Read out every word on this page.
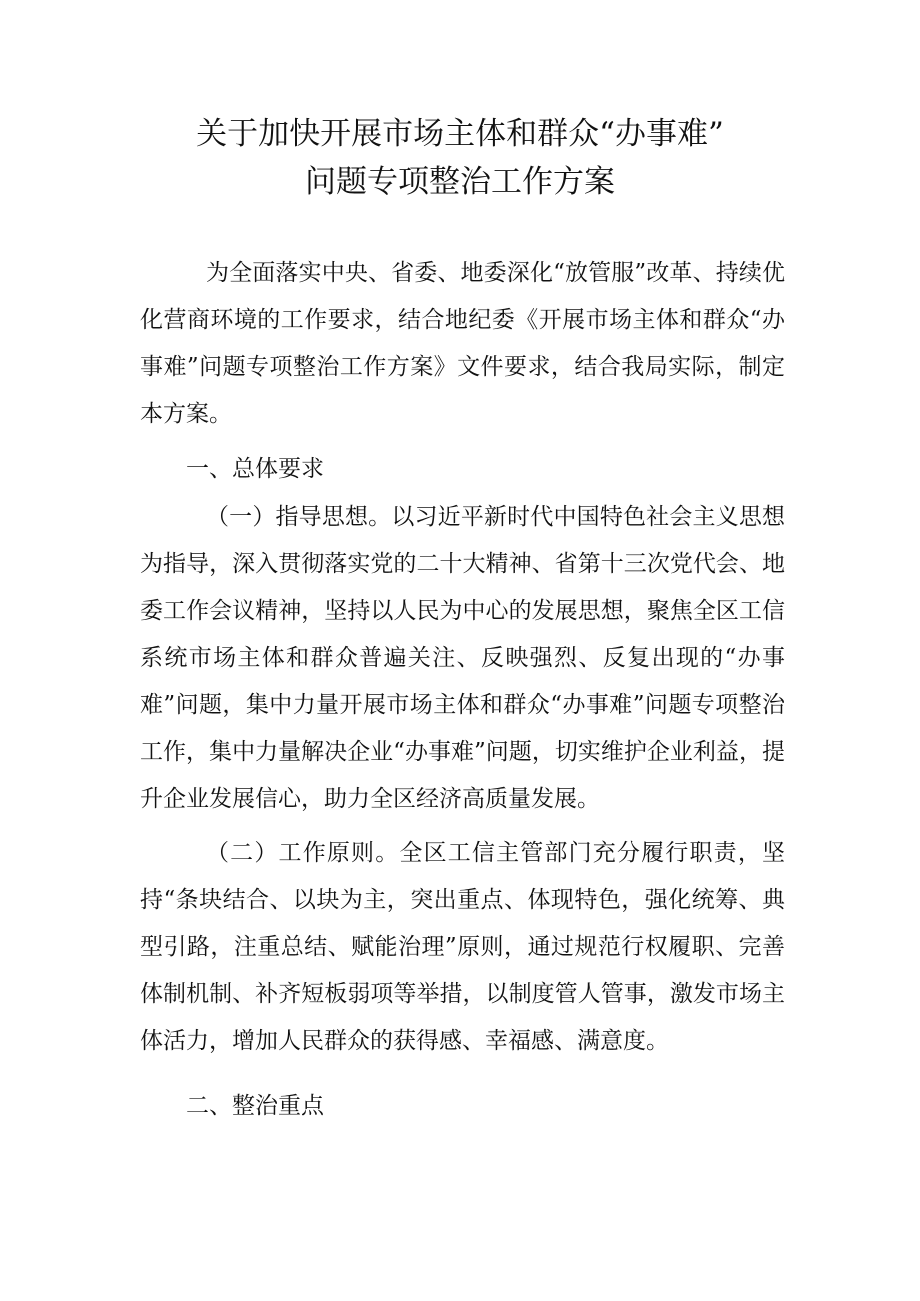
关于加快开展市场主体和群众“办事难”
问题专项整治工作方案

为全面落实中央、省委、地委深化“放管服”改革、持续优化营商环境的工作要求，结合地纪委《开展市场主体和群众“办事难”问题专项整治工作方案》文件要求，结合我局实际，制定本方案。

一、总体要求

（一）指导思想。以习近平新时代中国特色社会主义思想为指导，深入贯彻落实党的二十大精神、省第十三次党代会、地委工作会议精神，坚持以人民为中心的发展思想，聚焦全区工信系统市场主体和群众普遍关注、反映强烈、反复出现的“办事难”问题，集中力量开展市场主体和群众“办事难”问题专项整治工作，集中力量解决企业“办事难”问题，切实维护企业利益，提升企业发展信心，助力全区经济高质量发展。

（二）工作原则。全区工信主管部门充分履行职责，坚持“条块结合、以块为主，突出重点、体现特色，强化统筹、典型引路，注重总结、赋能治理”原则，通过规范行权履职、完善体制机制、补齐短板弱项等举措，以制度管人管事，激发市场主体活力，增加人民群众的获得感、幸福感、满意度。

二、整治重点
